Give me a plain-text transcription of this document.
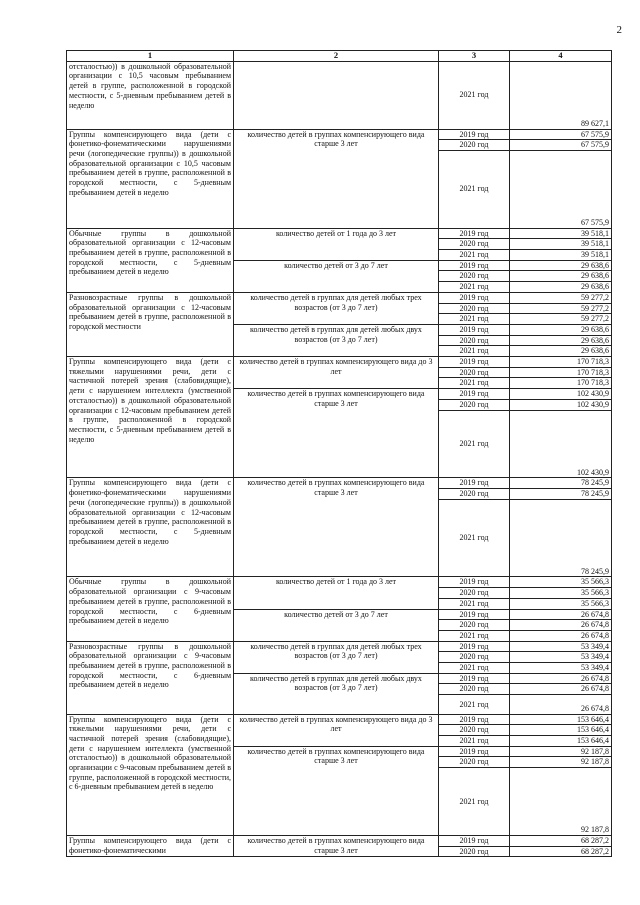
2
1	2	3	4
отсталостью)) в дошкольной образовательной организации с 10,5 часовым пребыванием детей в группе, расположенной в городской местности, с 5-дневным пребыванием детей в неделю		2021 год	89 627,1
Группы компенсирующего вида (дети с фонетико-фонематическими нарушениями речи (логопедические группы)) в дошкольной образовательной организации с 10,5 часовым пребыванием детей в группе, расположенной в городской местности, с 5-дневным пребыванием детей в неделю	количество детей в группах компенсирующего вида старше 3 лет	2019 год	67 575,9
		2020 год	67 575,9
		2021 год	67 575,9
Обычные группы в дошкольной образовательной организации с 12-часовым пребыванием детей в группе, расположенной в городской местности, с 5-дневным пребыванием детей в неделю	количество детей от 1 года до 3 лет	2019 год	39 518,1
		2020 год	39 518,1
		2021 год	39 518,1
	количество детей от 3 до 7 лет	2019 год	29 638,6
		2020 год	29 638,6
		2021 год	29 638,6
Разновозрастные группы в дошкольной образовательной организации с 12-часовым пребыванием детей в группе, расположенной в городской местности	количество детей в группах для детей любых трех возрастов (от 3 до 7 лет)	2019 год	59 277,2
		2020 год	59 277,2
		2021 год	59 277,2
	количество детей в группах для детей любых двух возрастов (от 3 до 7 лет)	2019 год	29 638,6
		2020 год	29 638,6
		2021 год	29 638,6
Группы компенсирующего вида (дети с тяжелыми нарушениями речи, дети с частичной потерей зрения (слабовидящие), дети с нарушением интеллекта (умственной отсталостью)) в дошкольной образовательной организации с 12-часовым пребыванием детей в группе, расположенной в городской местности, с 5-дневным пребыванием детей в неделю	количество детей в группах компенсирующего вида до 3 лет	2019 год	170 718,3
		2020 год	170 718,3
		2021 год	170 718,3
	количество детей в группах компенсирующего вида старше 3 лет	2019 год	102 430,9
		2020 год	102 430,9
		2021 год	102 430,9
Группы компенсирующего вида (дети с фонетико-фонематическими нарушениями речи (логопедические группы)) в дошкольной образовательной организации с 12-часовым пребыванием детей в группе, расположенной в городской местности, с 5-дневным пребыванием детей в неделю	количество детей в группах компенсирующего вида старше 3 лет	2019 год	78 245,9
		2020 год	78 245,9
		2021 год	78 245,9
Обычные группы в дошкольной образовательной организации с 9-часовым пребыванием детей в группе, расположенной в городской местности, с 6-дневным пребыванием детей в неделю	количество детей от 1 года до 3 лет	2019 год	35 566,3
		2020 год	35 566,3
		2021 год	35 566,3
	количество детей от 3 до 7 лет	2019 год	26 674,8
		2020 год	26 674,8
		2021 год	26 674,8
Разновозрастные группы в дошкольной образовательной организации с 9-часовым пребыванием детей в группе, расположенной в городской местности, с 6-дневным пребыванием детей в неделю	количество детей в группах для детей любых трех возрастов (от 3 до 7 лет)	2019 год	53 349,4
		2020 год	53 349,4
		2021 год	53 349,4
	количество детей в группах для детей любых двух возрастов (от 3 до 7 лет)	2019 год	26 674,8
		2020 год	26 674,8
		2021 год	26 674,8
Группы компенсирующего вида (дети с тяжелыми нарушениями речи, дети с частичной потерей зрения (слабовидящие), дети с нарушением интеллекта (умственной отсталостью)) в дошкольной образовательной организации с 9-часовым пребыванием детей в группе, расположенной в городской местности, с 6-дневным пребыванием детей в неделю	количество детей в группах компенсирующего вида до 3 лет	2019 год	153 646,4
		2020 год	153 646,4
		2021 год	153 646,4
	количество детей в группах компенсирующего вида старше 3 лет	2019 год	92 187,8
		2020 год	92 187,8
		2021 год	92 187,8
Группы компенсирующего вида (дети с фонетико-фонематическими	количество детей в группах компенсирующего вида старше 3 лет	2019 год	68 287,2
		2020 год	68 287,2
